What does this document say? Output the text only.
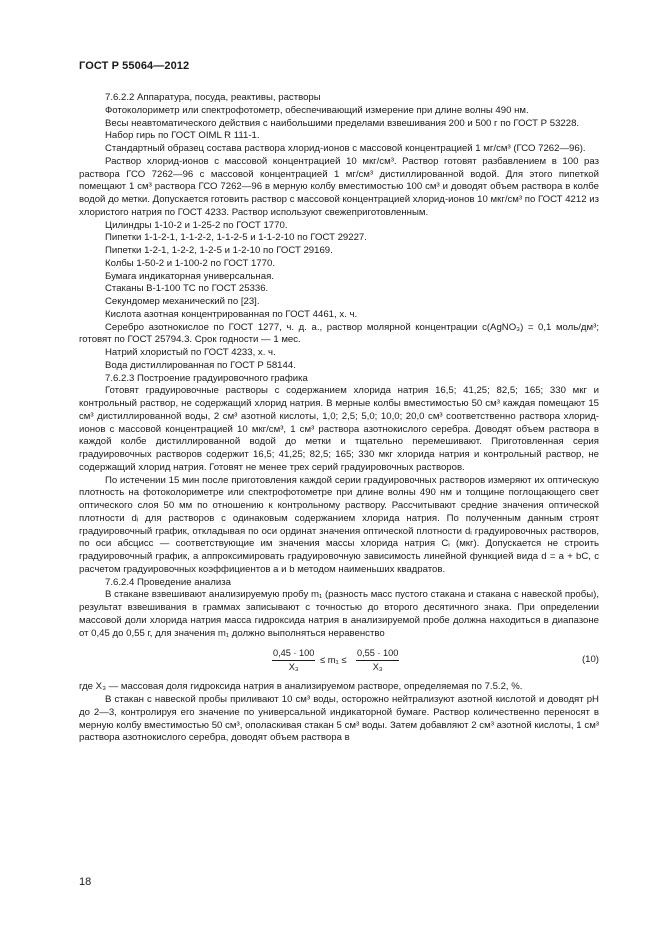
ГОСТ Р 55064—2012

7.6.2.2 Аппаратура, посуда, реактивы, растворы

Фотоколориметр или спектрофотометр, обеспечивающий измерение при длине волны 490 нм.

Весы неавтоматического действия с наибольшими пределами взвешивания 200 и 500 г по ГОСТ Р 53228.

Набор гирь по ГОСТ OIML R 111-1.

Стандартный образец состава раствора хлорид-ионов с массовой концентрацией 1 мг/см³ (ГСО 7262—96).

Раствор хлорид-ионов с массовой концентрацией 10 мкг/см³. Раствор готовят разбавлением в 100 раз раствора ГСО 7262—96 с массовой концентрацией 1 мг/см³ дистиллированной водой. Для этого пипеткой помещают 1 см³ раствора ГСО 7262—96 в мерную колбу вместимостью 100 см³ и доводят объем раствора в колбе водой до метки. Допускается готовить раствор с массовой концентрацией хлорид-ионов 10 мкг/см³ по ГОСТ 4212 из хлористого натрия по ГОСТ 4233. Раствор используют свежеприготовленным.

Цилиндры 1-10-2 и 1-25-2 по ГОСТ 1770.

Пипетки 1-1-2-1, 1-1-2-2, 1-1-2-5 и 1-1-2-10 по ГОСТ 29227.

Пипетки 1-2-1, 1-2-2, 1-2-5 и 1-2-10 по ГОСТ 29169.

Колбы 1-50-2 и 1-100-2 по ГОСТ 1770.

Бумага индикаторная универсальная.

Стаканы В-1-100 ТС по ГОСТ 25336.

Секундомер механический по [23].

Кислота азотная концентрированная по ГОСТ 4461, х. ч.

Серебро азотнокислое по ГОСТ 1277, ч. д. а., раствор молярной концентрации c(AgNO₃) = 0,1 моль/дм³; готовят по ГОСТ 25794.3. Срок годности — 1 мес.

Натрий хлористый по ГОСТ 4233, х. ч.

Вода дистиллированная по ГОСТ Р 58144.

7.6.2.3 Построение градуировочного графика

Готовят градуировочные растворы с содержанием хлорида натрия 16,5; 41,25; 82,5; 165; 330 мкг и контрольный раствор, не содержащий хлорид натрия. В мерные колбы вместимостью 50 см³ каждая помещают 15 см³ дистиллированной воды, 2 см³ азотной кислоты, 1,0; 2,5; 5,0; 10,0; 20,0 см³ соответственно раствора хлорид-ионов с массовой концентрацией 10 мкг/см³, 1 см³ раствора азотнокислого серебра. Доводят объем раствора в каждой колбе дистиллированной водой до метки и тщательно перемешивают. Приготовленная серия градуировочных растворов содержит 16,5; 41,25; 82,5; 165; 330 мкг хлорида натрия и контрольный раствор, не содержащий хлорид натрия. Готовят не менее трех серий градуировочных растворов.

По истечении 15 мин после приготовления каждой серии градуировочных растворов измеряют их оптическую плотность на фотоколориметре или спектрофотометре при длине волны 490 нм и толщине поглощающего свет оптического слоя 50 мм по отношению к контрольному раствору. Рассчитывают средние значения оптической плотности dᵢ для растворов с одинаковым содержанием хлорида натрия. По полученным данным строят градуировочный график, откладывая по оси ординат значения оптической плотности dᵢ градуировочных растворов, по оси абсцисс — соответствующие им значения массы хлорида натрия Cᵢ (мкг). Допускается не строить градуировочный график, а аппроксимировать градуировочную зависимость линейной функцией вида d = a + bC, с расчетом градуировочных коэффициентов a и b методом наименьших квадратов.

7.6.2.4 Проведение анализа

В стакане взвешивают анализируемую пробу m₁ (разность масс пустого стакана и стакана с навеской пробы), результат взвешивания в граммах записывают с точностью до второго десятичного знака. При определении массовой доли хлорида натрия масса гидроксида натрия в анализируемой пробе должна находиться в диапазоне от 0,45 до 0,55 г, для значения m₁ должно выполняться неравенство

$\frac{0,45 \cdot 100}{\text{X₃}} \le m_1 \le \frac{0,55 \cdot 100}{\text{X₃}}$	(10)

где X₃ — массовая доля гидроксида натрия в анализируемом растворе, определяемая по 7.5.2, %.

В стакан с навеской пробы приливают 10 см³ воды, осторожно нейтрализуют азотной кислотой и доводят pH до 2—3, контролируя его значение по универсальной индикаторной бумаге. Раствор количественно переносят в мерную колбу вместимостью 50 см³, ополаскивая стакан 5 см³ воды. Затем добавляют 2 см³ азотной кислоты, 1 см³ раствора азотнокислого серебра, доводят объем раствора в

18
